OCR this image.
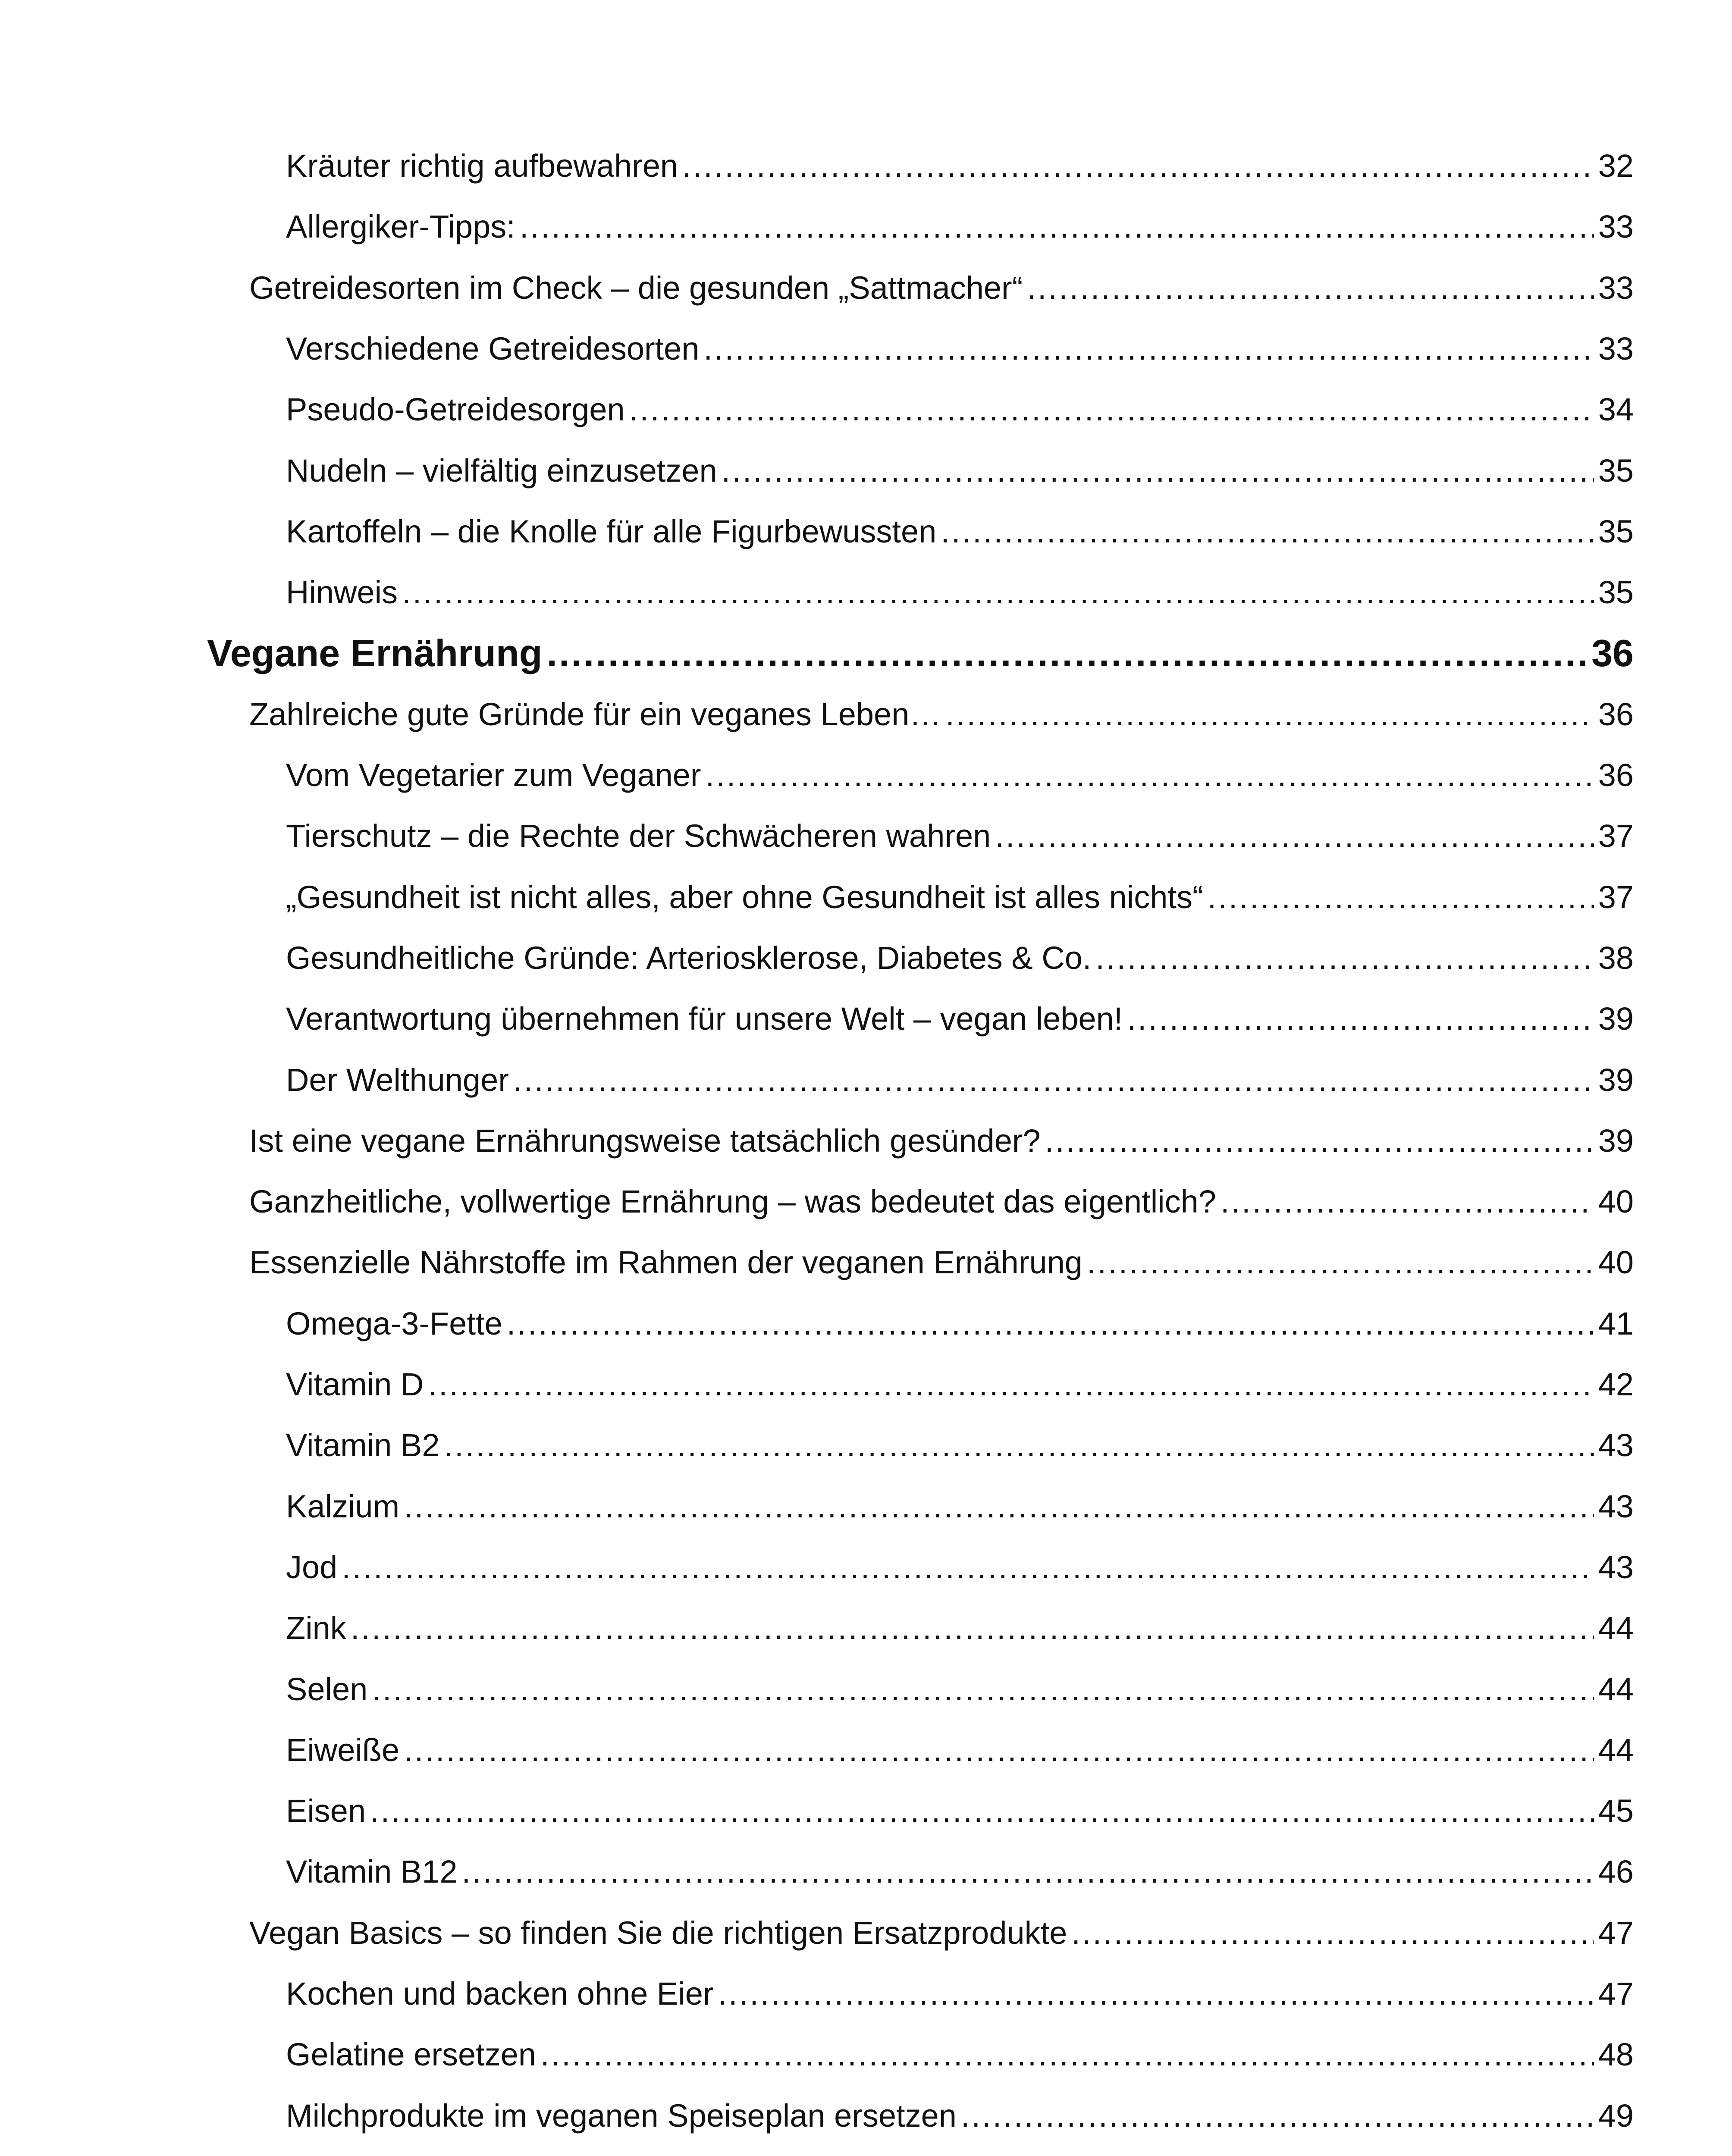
Kräuter richtig aufbewahren .....	32
Allergiker-Tipps: .....	33
Getreidesorten im Check – die gesunden „Sattmacher“ .....	33
Verschiedene Getreidesorten .....	33
Pseudo-Getreidesorgen .....	34
Nudeln – vielfältig einzusetzen .....	35
Kartoffeln – die Knolle für alle Figurbewussten .....	35
Hinweis .....	35
Vegane Ernährung .....	36
Zahlreiche gute Gründe für ein veganes Leben… .....	36
Vom Vegetarier zum Veganer .....	36
Tierschutz – die Rechte der Schwächeren wahren .....	37
„Gesundheit ist nicht alles, aber ohne Gesundheit ist alles nichts“ .....	37
Gesundheitliche Gründe: Arteriosklerose, Diabetes & Co. .....	38
Verantwortung übernehmen für unsere Welt – vegan leben! .....	39
Der Welthunger .....	39
Ist eine vegane Ernährungsweise tatsächlich gesünder? .....	39
Ganzheitliche, vollwertige Ernährung – was bedeutet das eigentlich? .....	40
Essenzielle Nährstoffe im Rahmen der veganen Ernährung .....	40
Omega-3-Fette .....	41
Vitamin D .....	42
Vitamin B2 .....	43
Kalzium .....	43
Jod .....	43
Zink .....	44
Selen .....	44
Eiweiße .....	44
Eisen .....	45
Vitamin B12 .....	46
Vegan Basics – so finden Sie die richtigen Ersatzprodukte .....	47
Kochen und backen ohne Eier .....	47
Gelatine ersetzen .....	48
Milchprodukte im veganen Speiseplan ersetzen .....	49
.....
